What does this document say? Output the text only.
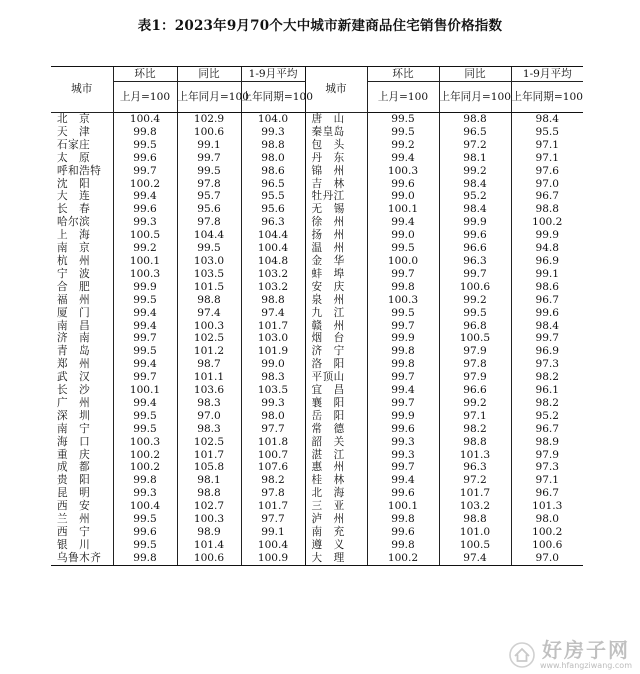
表1：2023年9月70个大中城市新建商品住宅销售价格指数
城市	环比	同比	1-9月平均	城市	环比	同比	1-9月平均
	上月=100	上年同月=100	上年同期=100		上月=100	上年同月=100	上年同期=100
北　京	100.4	102.9	104.0	唐　山	99.5	98.8	98.4
天　津	99.8	100.6	99.3	秦皇岛	99.5	96.5	95.5
石家庄	99.5	99.1	98.8	包　头	99.2	97.2	97.1
太　原	99.6	99.7	98.0	丹　东	99.4	98.1	97.1
呼和浩特	99.7	99.5	98.6	锦　州	100.3	99.2	97.6
沈　阳	100.2	97.8	96.5	吉　林	99.6	98.4	97.0
大　连	99.4	95.7	95.5	牡丹江	99.0	95.2	96.7
长　春	99.6	95.6	95.6	无　锡	100.1	98.4	98.8
哈尔滨	99.3	97.8	96.3	徐　州	99.4	99.9	100.2
上　海	100.5	104.4	104.4	扬　州	99.0	99.6	99.9
南　京	99.2	99.5	100.4	温　州	99.5	96.6	94.8
杭　州	100.1	103.0	104.8	金　华	100.0	96.3	96.9
宁　波	100.3	103.5	103.2	蚌　埠	99.7	99.7	99.1
合　肥	99.9	101.5	103.2	安　庆	99.8	100.6	98.6
福　州	99.5	98.8	98.8	泉　州	100.3	99.2	96.7
厦　门	99.4	97.4	97.4	九　江	99.5	99.5	99.6
南　昌	99.4	100.3	101.7	赣　州	99.7	96.8	98.4
济　南	99.7	102.5	103.0	烟　台	99.9	100.5	99.7
青　岛	99.5	101.2	101.9	济　宁	99.8	97.9	96.9
郑　州	99.4	98.7	99.0	洛　阳	99.8	97.8	97.3
武　汉	99.7	101.1	98.3	平顶山	99.7	97.9	98.2
长　沙	100.1	103.6	103.5	宜　昌	99.4	96.6	96.1
广　州	99.4	98.3	99.3	襄　阳	99.7	99.2	98.2
深　圳	99.5	97.0	98.0	岳　阳	99.9	97.1	95.2
南　宁	99.5	98.3	97.7	常　德	99.6	98.2	96.7
海　口	100.3	102.5	101.8	韶　关	99.3	98.8	98.9
重　庆	100.2	101.7	100.7	湛　江	99.3	101.3	97.9
成　都	100.2	105.8	107.6	惠　州	99.7	96.3	97.3
贵　阳	99.8	98.1	98.2	桂　林	99.4	97.2	97.1
昆　明	99.3	98.8	97.8	北　海	99.6	101.7	96.7
西　安	100.4	102.7	101.7	三　亚	100.1	103.2	101.3
兰　州	99.5	100.3	97.7	泸　州	99.8	98.8	98.0
西　宁	99.6	98.9	99.1	南　充	99.6	101.0	100.2
银　川	99.5	101.4	100.4	遵　义	99.8	100.5	100.6
乌鲁木齐	99.8	100.6	100.9	大　理	100.2	97.4	97.0

好房子网
www.hfangziwang.com
